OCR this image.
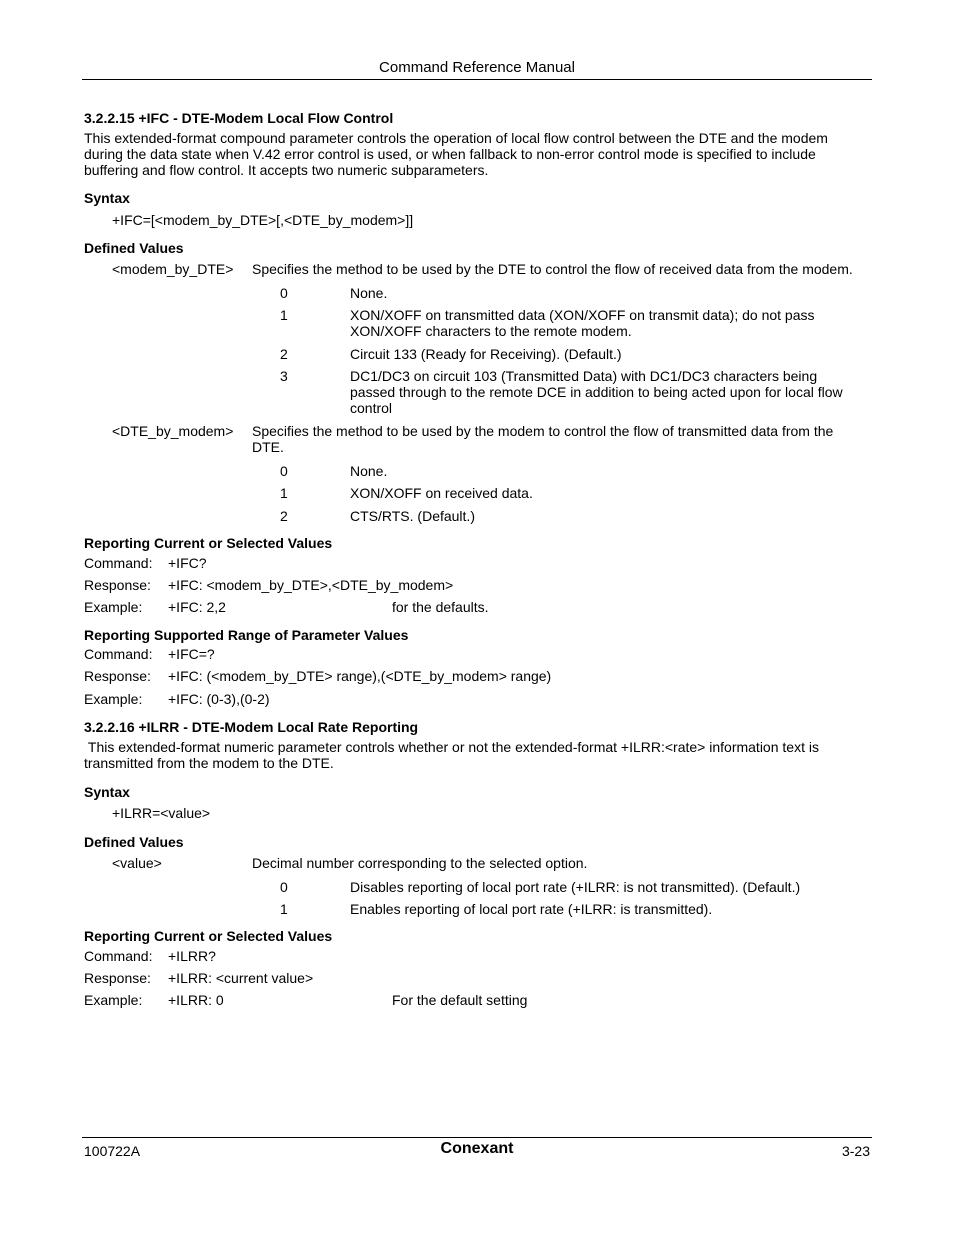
Command Reference Manual
3.2.2.15 +IFC - DTE-Modem Local Flow Control
This extended-format compound parameter controls the operation of local flow control between the DTE and the modem during the data state when V.42 error control is used, or when fallback to non-error control mode is specified to include buffering and flow control. It accepts two numeric subparameters.
Syntax
+IFC=[<modem_by_DTE>[,<DTE_by_modem>]]
Defined Values
<modem_by_DTE> Specifies the method to be used by the DTE to control the flow of received data from the modem.
0	None.
1	XON/XOFF on transmitted data (XON/XOFF on transmit data); do not pass XON/XOFF characters to the remote modem.
2	Circuit 133 (Ready for Receiving). (Default.)
3	DC1/DC3 on circuit 103 (Transmitted Data) with DC1/DC3 characters being passed through to the remote DCE in addition to being acted upon for local flow control
<DTE_by_modem> Specifies the method to be used by the modem to control the flow of transmitted data from the DTE.
0	None.
1	XON/XOFF on received data.
2	CTS/RTS. (Default.)
Reporting Current or Selected Values
Command: +IFC?
Response: +IFC: <modem_by_DTE>,<DTE_by_modem>
Example: +IFC: 2,2	for the defaults.
Reporting Supported Range of Parameter Values
Command: +IFC=?
Response: +IFC: (<modem_by_DTE> range),(<DTE_by_modem> range)
Example: +IFC: (0-3),(0-2)
3.2.2.16 +ILRR - DTE-Modem Local Rate Reporting
This extended-format numeric parameter controls whether or not the extended-format +ILRR:<rate> information text is transmitted from the modem to the DTE.
Syntax
+ILRR=<value>
Defined Values
<value>	Decimal number corresponding to the selected option.
0	Disables reporting of local port rate (+ILRR: is not transmitted). (Default.)
1	Enables reporting of local port rate (+ILRR: is transmitted).
Reporting Current or Selected Values
Command: +ILRR?
Response: +ILRR: <current value>
Example: +ILRR: 0	For the default setting
100722A	Conexant	3-23
